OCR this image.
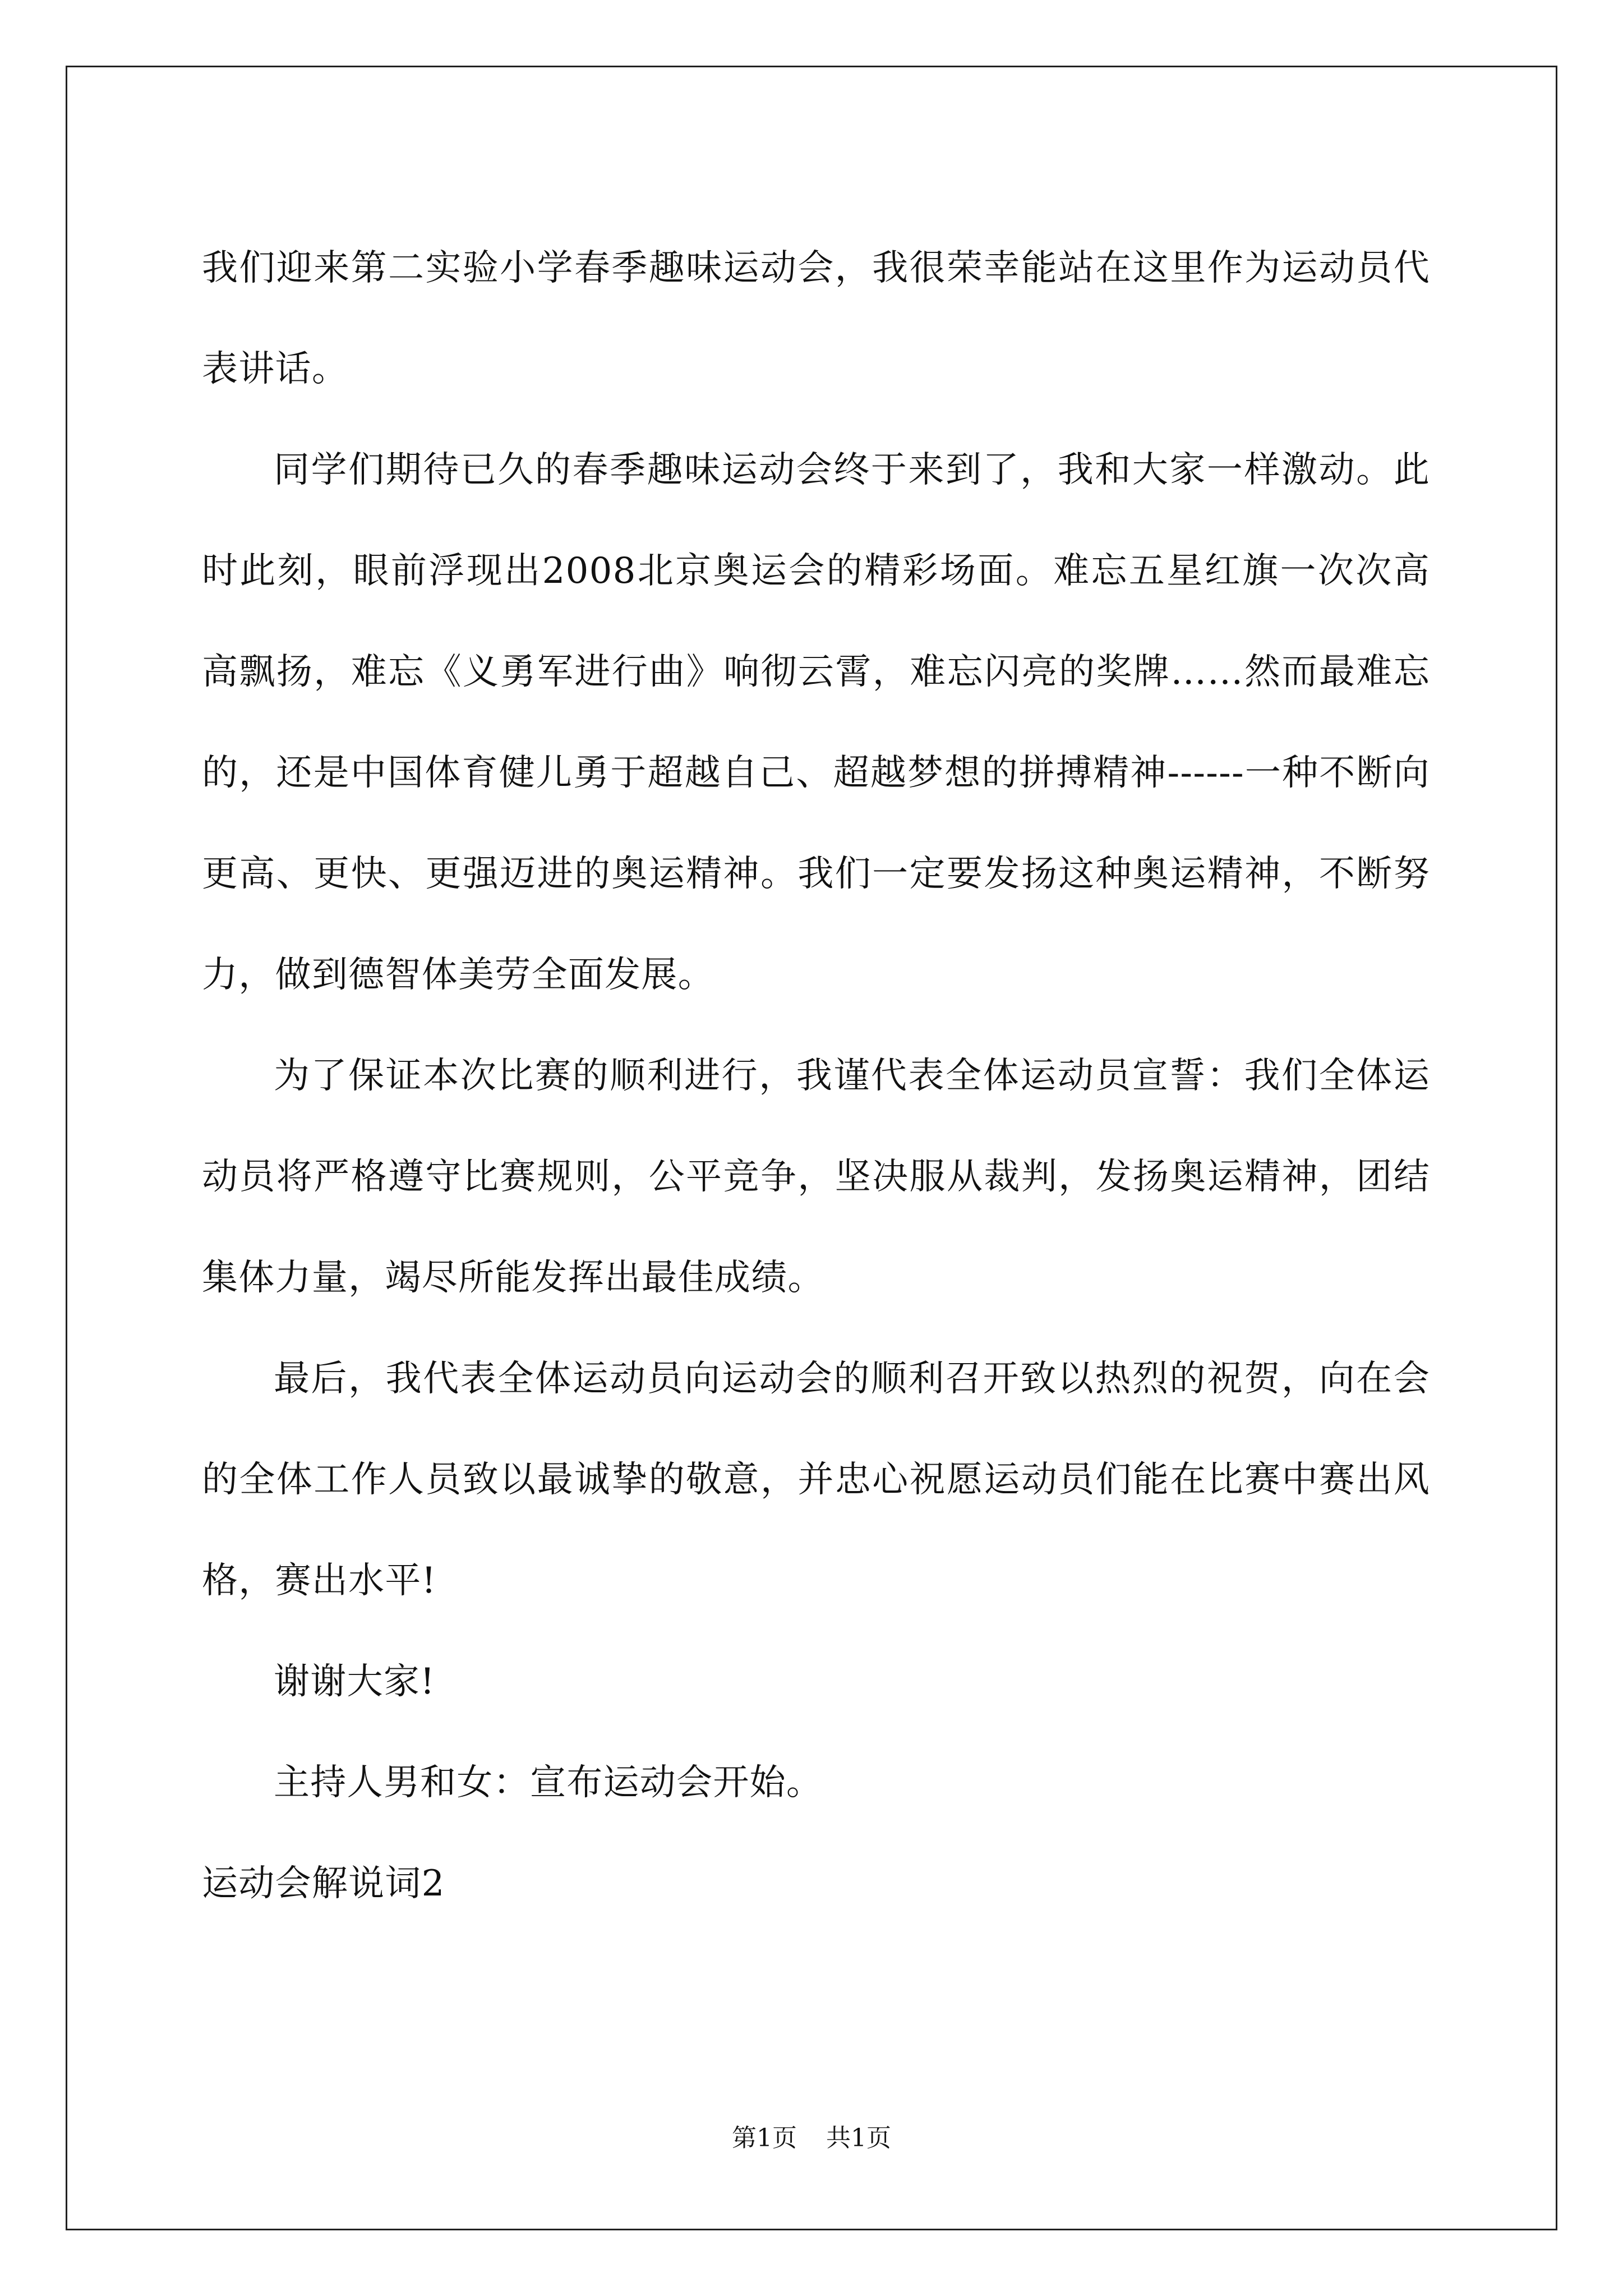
我们迎来第二实验小学春季趣味运动会，我很荣幸能站在这里作为运动员代表讲话。

同学们期待已久的春季趣味运动会终于来到了，我和大家一样激动。此时此刻，眼前浮现出2008北京奥运会的精彩场面。难忘五星红旗一次次高高飘扬，难忘《义勇军进行曲》响彻云霄，难忘闪亮的奖牌……然而最难忘的，还是中国体育健儿勇于超越自己、超越梦想的拼搏精神------一种不断向更高、更快、更强迈进的奥运精神。我们一定要发扬这种奥运精神，不断努力，做到德智体美劳全面发展。

为了保证本次比赛的顺利进行，我谨代表全体运动员宣誓：我们全体运动员将严格遵守比赛规则，公平竞争，坚决服从裁判，发扬奥运精神，团结集体力量，竭尽所能发挥出最佳成绩。

最后，我代表全体运动员向运动会的顺利召开致以热烈的祝贺，向在会的全体工作人员致以最诚挚的敬意，并忠心祝愿运动员们能在比赛中赛出风格，赛出水平!

谢谢大家!

主持人男和女：宣布运动会开始。

运动会解说词2

第1页 共1页
